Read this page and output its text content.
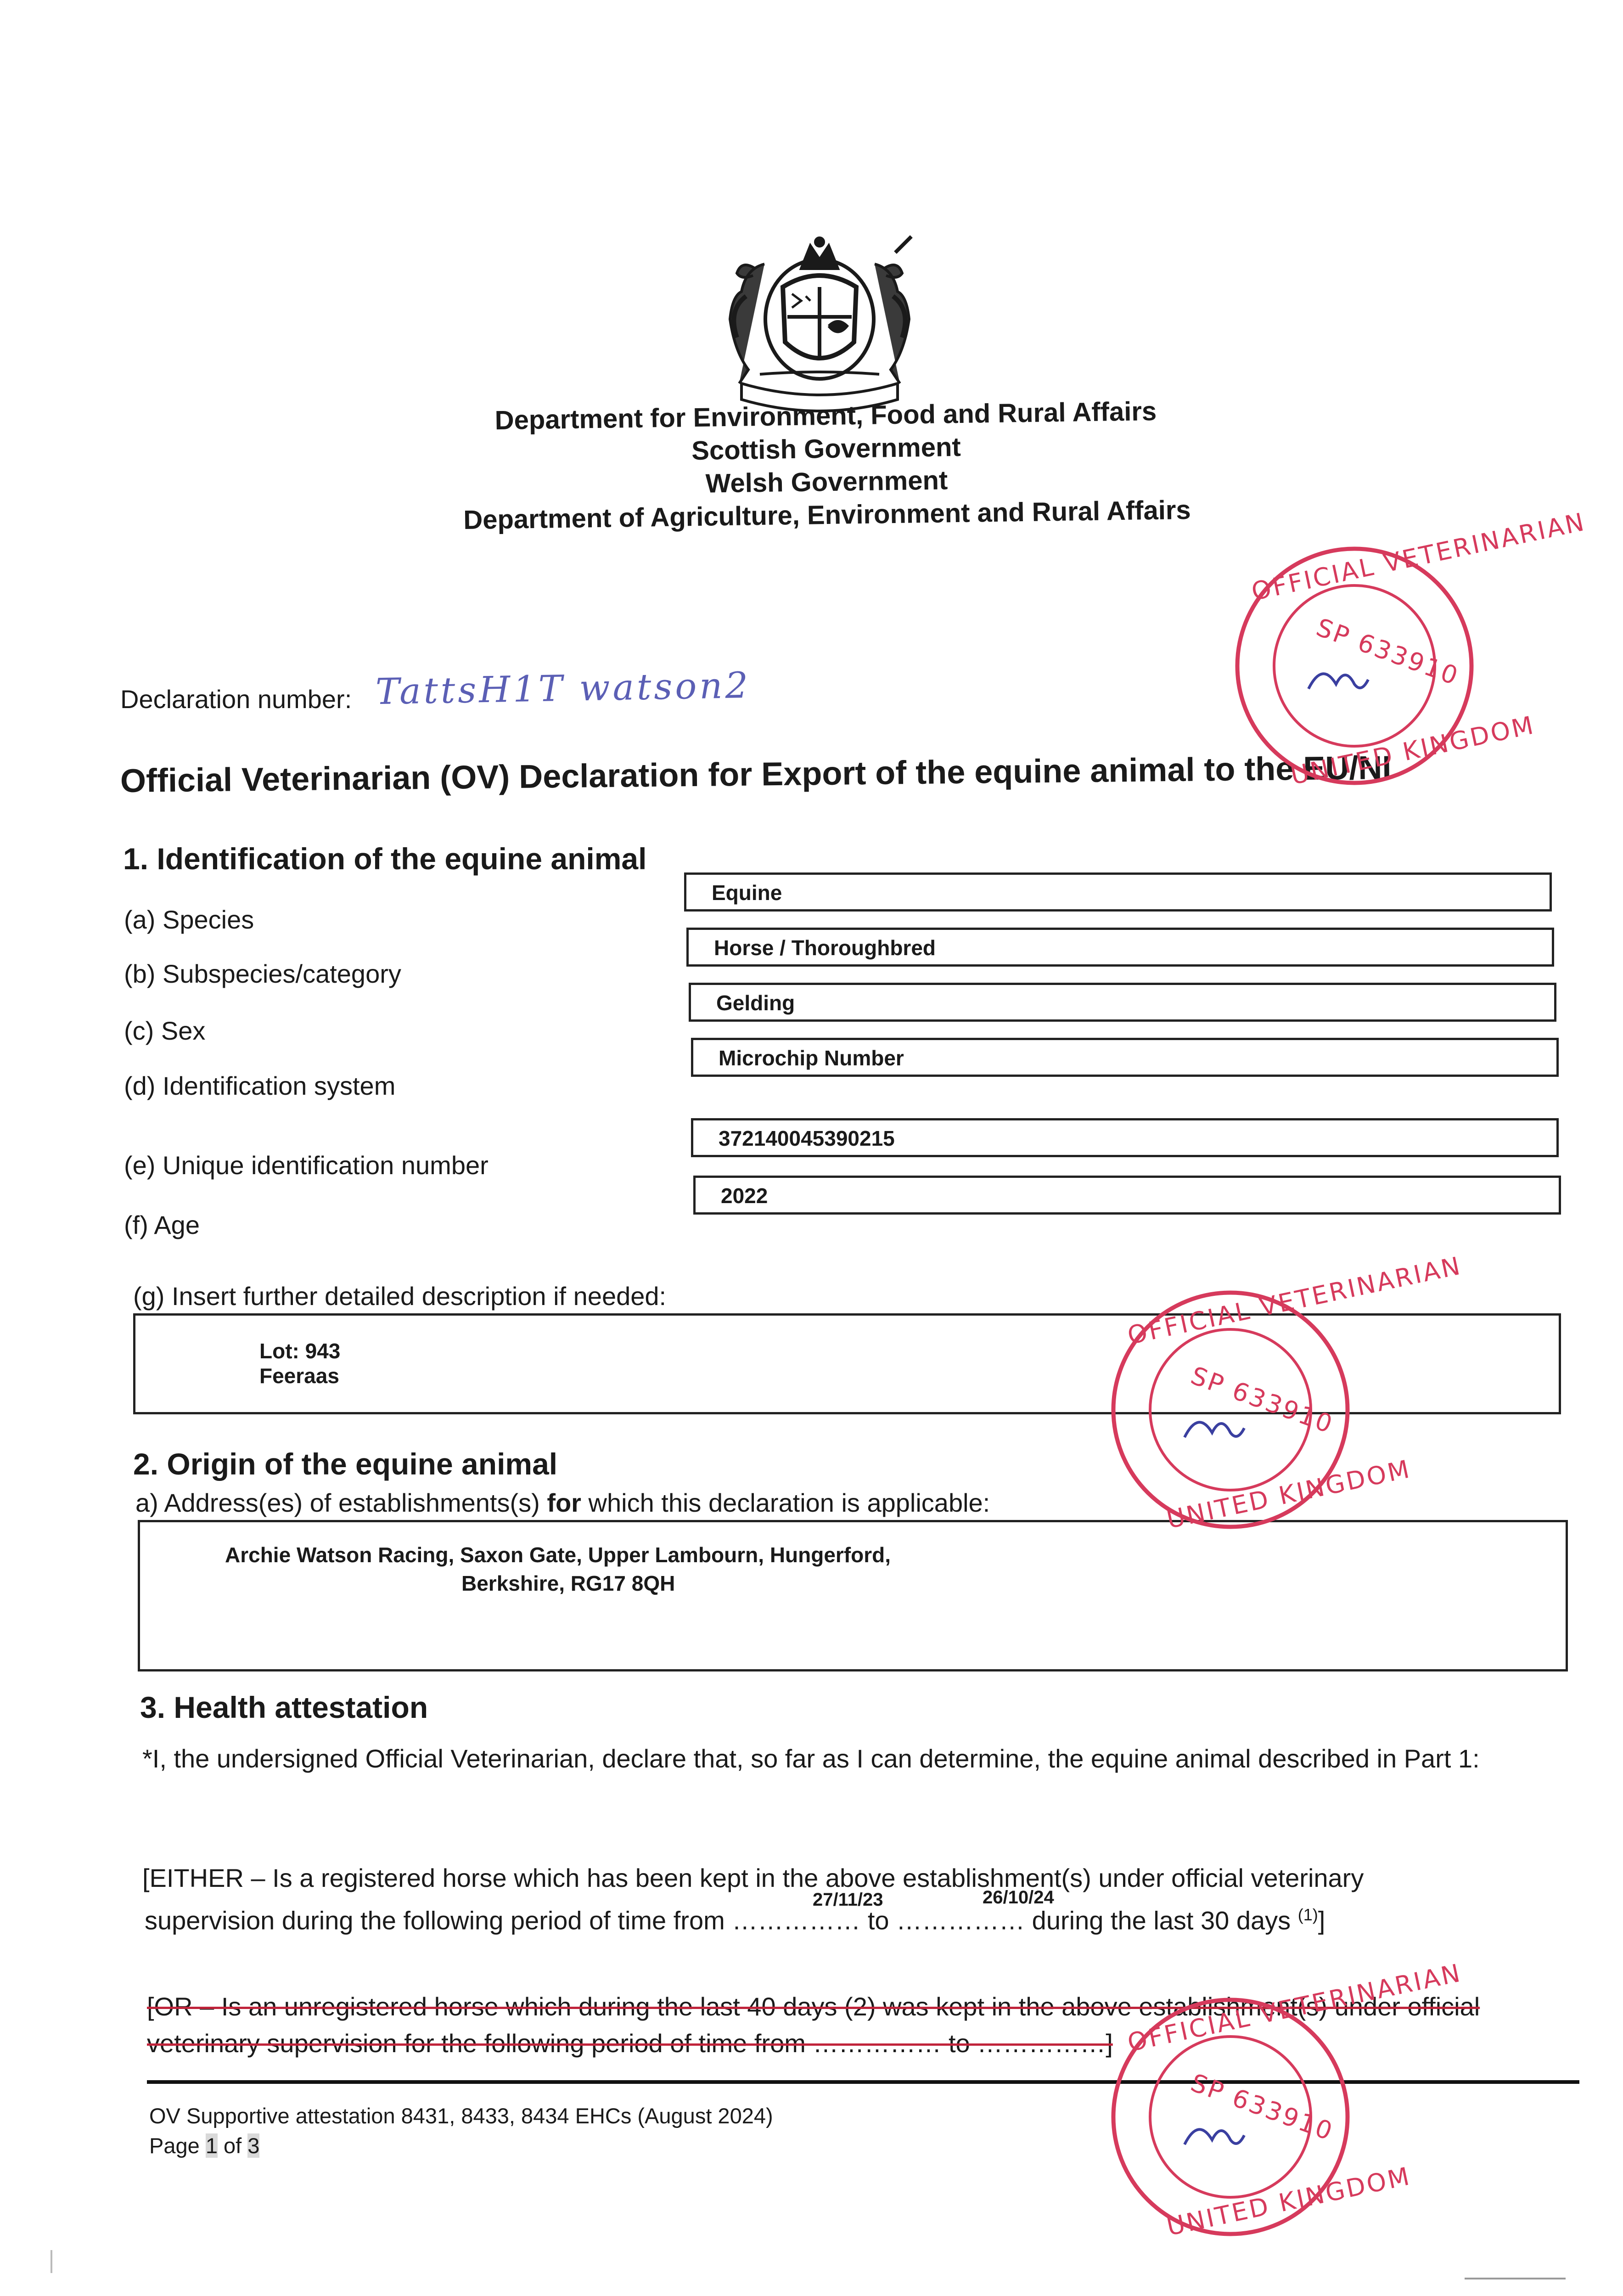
Department for Environment, Food and Rural Affairs
Scottish Government
Welsh Government
Department of Agriculture, Environment and Rural Affairs
Declaration number: TattsH1T watson2
Official Veterinarian (OV) Declaration for Export of the equine animal to the EU/NI
1. Identification of the equine animal
(a) Species
Equine
(b) Subspecies/category
Horse / Thoroughbred
(c) Sex
Gelding
(d) Identification system
Microchip Number
(e) Unique identification number
372140045390215
(f) Age
2022
(g) Insert further detailed description if needed:
Lot: 943
Feeraas
2. Origin of the equine animal
a) Address(es) of establishments(s) for which this declaration is applicable:
Archie Watson Racing, Saxon Gate, Upper Lambourn, Hungerford,
Berkshire, RG17 8QH
3. Health attestation
*I, the undersigned Official Veterinarian, declare that, so far as I can determine, the equine animal described in Part 1:
[EITHER – Is a registered horse which has been kept in the above establishment(s) under official veterinary
supervision during the following period of time from …………… to …………… during the last 30 days $^{(1)}$]
27/11/23	26/10/24
[OR – Is an unregistered horse which during the last 40 days (2) was kept in the above establishment(s) under official
veterinary supervision for the following period of time from …………… to ……………]
OV Supportive attestation 8431, 8433, 8434 EHCs (August 2024)
Page 1 of 3
SP 633910
OFFICIAL VETERINARIAN
UNITED KINGDOM
SP 633910
OFFICIAL VETERINARIAN
UNITED KINGDOM
SP 633910
OFFICIAL VETERINARIAN
UNITED KINGDOM
